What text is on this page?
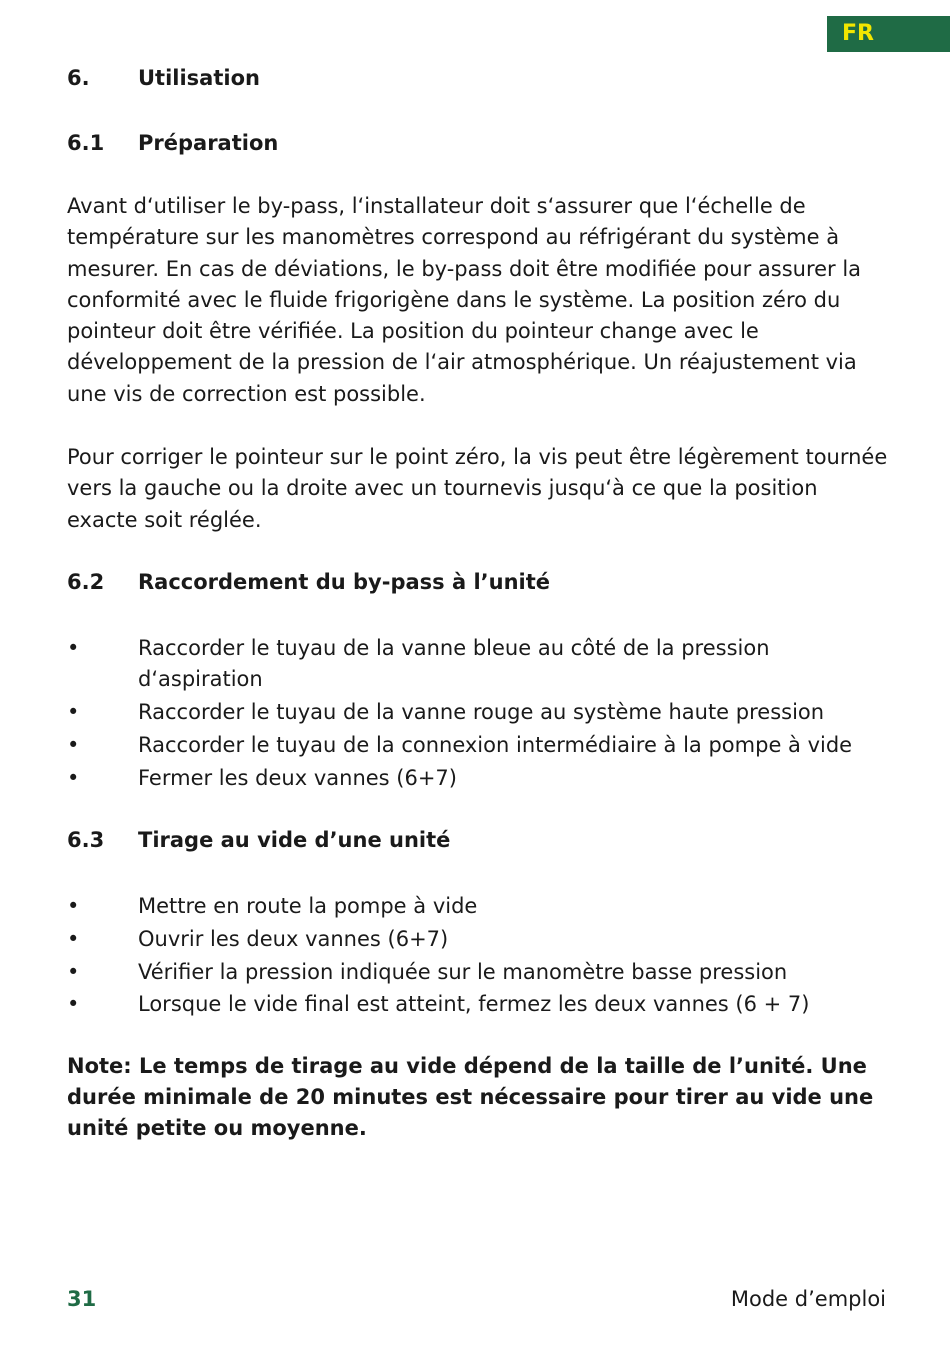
FR
6.	Utilisation
6.1	Préparation

Avant d‘utiliser le by-pass, l‘installateur doit s‘assurer que l‘échelle de température sur les manomètres correspond au réfrigérant du système à mesurer. En cas de déviations, le by-pass doit être modifiée pour assurer la conformité avec le fluide frigorigène dans le système. La position zéro du pointeur doit être vérifiée. La position du pointeur change avec le développement de la pression de l‘air atmosphérique. Un réajustement via une vis de correction est possible.

Pour corriger le pointeur sur le point zéro, la vis peut être légèrement tournée vers la gauche ou la droite avec un tournevis jusqu‘à ce que la position exacte soit réglée.

6.2	Raccordement du by-pass à l’unité
•	Raccorder le tuyau de la vanne bleue au côté de la pression d‘aspiration
•	Raccorder le tuyau de la vanne rouge au système haute pression
•	Raccorder le tuyau de la connexion intermédiaire à la pompe à vide
•	Fermer les deux vannes (6+7)
6.3	Tirage au vide d’une unité
•	Mettre en route la pompe à vide
•	Ouvrir les deux vannes (6+7)
•	Vérifier la pression indiquée sur le manomètre basse pression
•	Lorsque le vide final est atteint, fermez les deux vannes (6 + 7)

Note: Le temps de tirage au vide dépend de la taille de l’unité. Une durée minimale de 20 minutes est nécessaire pour tirer au vide une unité petite ou moyenne.

31	Mode d’emploi
